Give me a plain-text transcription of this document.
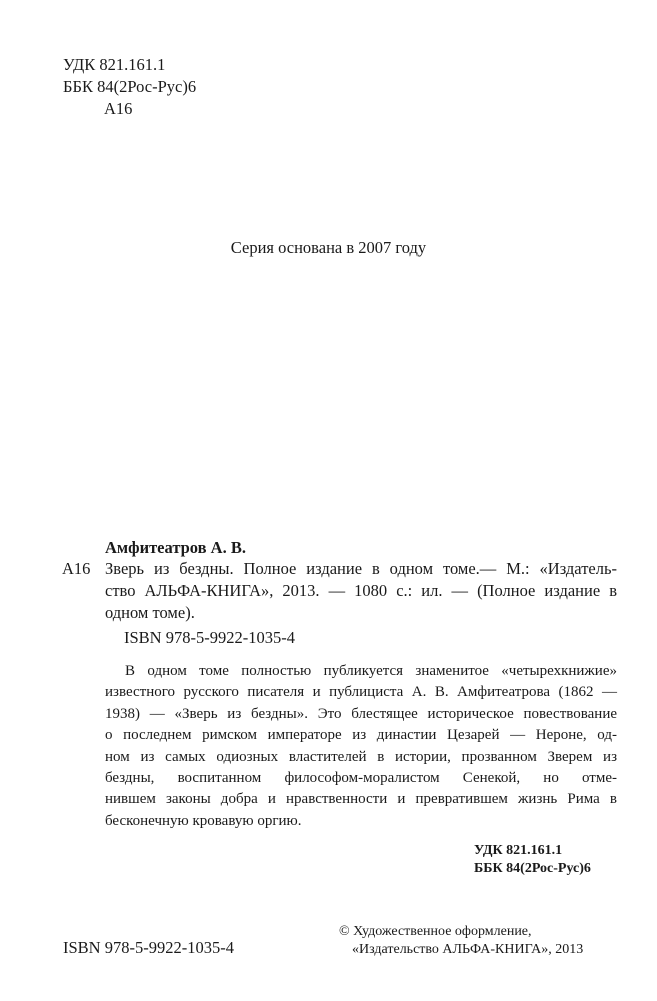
УДК 821.161.1
ББК 84(2Рос-Рус)6
А16
Серия основана в 2007 году
Амфитеатров А. В.
А16 Зверь из бездны. Полное издание в одном томе.— М.: «Издатель-
ство АЛЬФА-КНИГА», 2013. — 1080 с.: ил. — (Полное издание в
одном томе).
ISBN 978-5-9922-1035-4
В одном томе полностью публикуется знаменитое «четырехкнижие»
известного русского писателя и публициста А. В. Амфитеатрова (1862 —
1938) — «Зверь из бездны». Это блестящее историческое повествование
о последнем римском императоре из династии Цезарей — Нероне, од-
ном из самых одиозных властителей в истории, прозванном Зверем из
бездны, воспитанном философом-моралистом Сенекой, но отме-
нившем законы добра и нравственности и превратившем жизнь Рима в
бесконечную кровавую оргию.
УДК 821.161.1
ББК 84(2Рос-Рус)6
ISBN 978-5-9922-1035-4
© Художественное оформление,
«Издательство АЛЬФА-КНИГА», 2013
